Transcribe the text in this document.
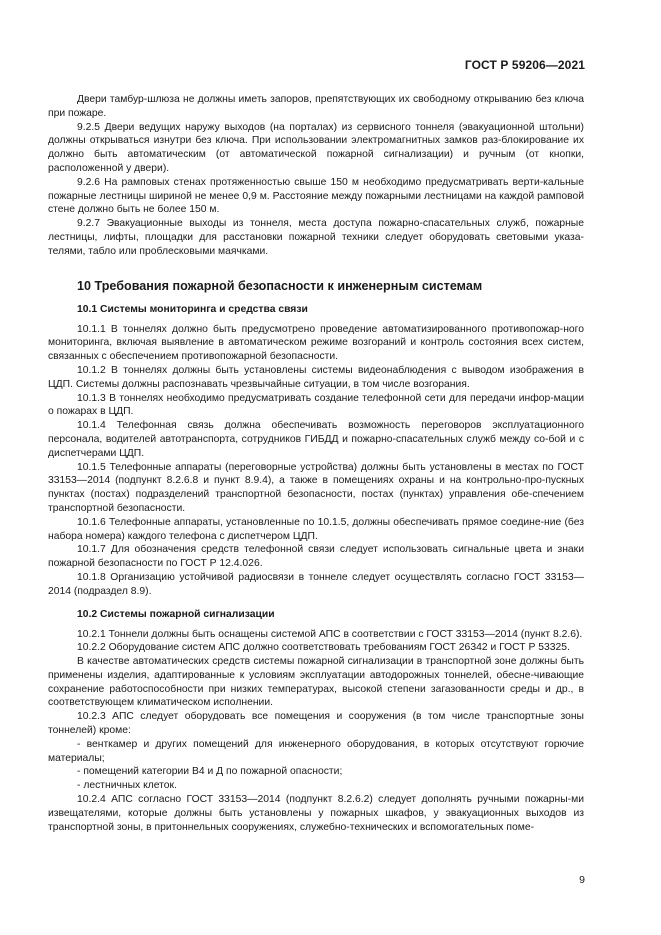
ГОСТ Р 59206—2021

Двери тамбур-шлюза не должны иметь запоров, препятствующих их свободному открыванию без ключа при пожаре.

9.2.5 Двери ведущих наружу выходов (на порталах) из сервисного тоннеля (эвакуационной штольни) должны открываться изнутри без ключа. При использовании электромагнитных замков раз-блокирование их должно быть автоматическим (от автоматической пожарной сигнализации) и ручным (от кнопки, расположенной у двери).

9.2.6 На рамповых стенах протяженностью свыше 150 м необходимо предусматривать верти-кальные пожарные лестницы шириной не менее 0,9 м. Расстояние между пожарными лестницами на каждой рамповой стене должно быть не более 150 м.

9.2.7 Эвакуационные выходы из тоннеля, места доступа пожарно-спасательных служб, пожарные лестницы, лифты, площадки для расстановки пожарной техники следует оборудовать световыми указа-телями, табло или проблесковыми маячками.

10 Требования пожарной безопасности к инженерным системам
10.1 Системы мониторинга и средства связи

10.1.1 В тоннелях должно быть предусмотрено проведение автоматизированного противопожар-ного мониторинга, включая выявление в автоматическом режиме возгораний и контроль состояния всех систем, связанных с обеспечением противопожарной безопасности.

10.1.2 В тоннелях должны быть установлены системы видеонаблюдения с выводом изображения в ЦДП. Системы должны распознавать чрезвычайные ситуации, в том числе возгорания.

10.1.3 В тоннелях необходимо предусматривать создание телефонной сети для передачи инфор-мации о пожарах в ЦДП.

10.1.4 Телефонная связь должна обеспечивать возможность переговоров эксплуатационного персонала, водителей автотранспорта, сотрудников ГИБДД и пожарно-спасательных служб между со-бой и с диспетчерами ЦДП.

10.1.5 Телефонные аппараты (переговорные устройства) должны быть установлены в местах по ГОСТ 33153—2014 (подпункт 8.2.6.8 и пункт 8.9.4), а также в помещениях охраны и на контрольно-про-пускных пунктах (постах) подразделений транспортной безопасности, постах (пунктах) управления обе-спечением транспортной безопасности.

10.1.6 Телефонные аппараты, установленные по 10.1.5, должны обеспечивать прямое соедине-ние (без набора номера) каждого телефона с диспетчером ЦДП.

10.1.7 Для обозначения средств телефонной связи следует использовать сигнальные цвета и знаки пожарной безопасности по ГОСТ Р 12.4.026.

10.1.8 Организацию устойчивой радиосвязи в тоннеле следует осуществлять согласно ГОСТ 33153—2014 (подраздел 8.9).

10.2 Системы пожарной сигнализации

10.2.1 Тоннели должны быть оснащены системой АПС в соответствии с ГОСТ 33153—2014 (пункт 8.2.6).

10.2.2 Оборудование систем АПС должно соответствовать требованиям ГОСТ 26342 и ГОСТ Р 53325.

В качестве автоматических средств системы пожарной сигнализации в транспортной зоне должны быть применены изделия, адаптированные к условиям эксплуатации автодорожных тоннелей, обесне-чивающие сохранение работоспособности при низких температурах, высокой степени загазованности среды и др., в соответствующем климатическом исполнении.

10.2.3 АПС следует оборудовать все помещения и сооружения (в том числе транспортные зоны тоннелей) кроме:

- венткамер и других помещений для инженерного оборудования, в которых отсутствуют горючие материалы;

- помещений категории В4 и Д по пожарной опасности;

- лестничных клеток.

10.2.4 АПС согласно ГОСТ 33153—2014 (подпункт 8.2.6.2) следует дополнять ручными пожарны-ми извещателями, которые должны быть установлены у пожарных шкафов, у эвакуационных выходов из транспортной зоны, в притоннельных сооружениях, служебно-технических и вспомогательных поме-

9
